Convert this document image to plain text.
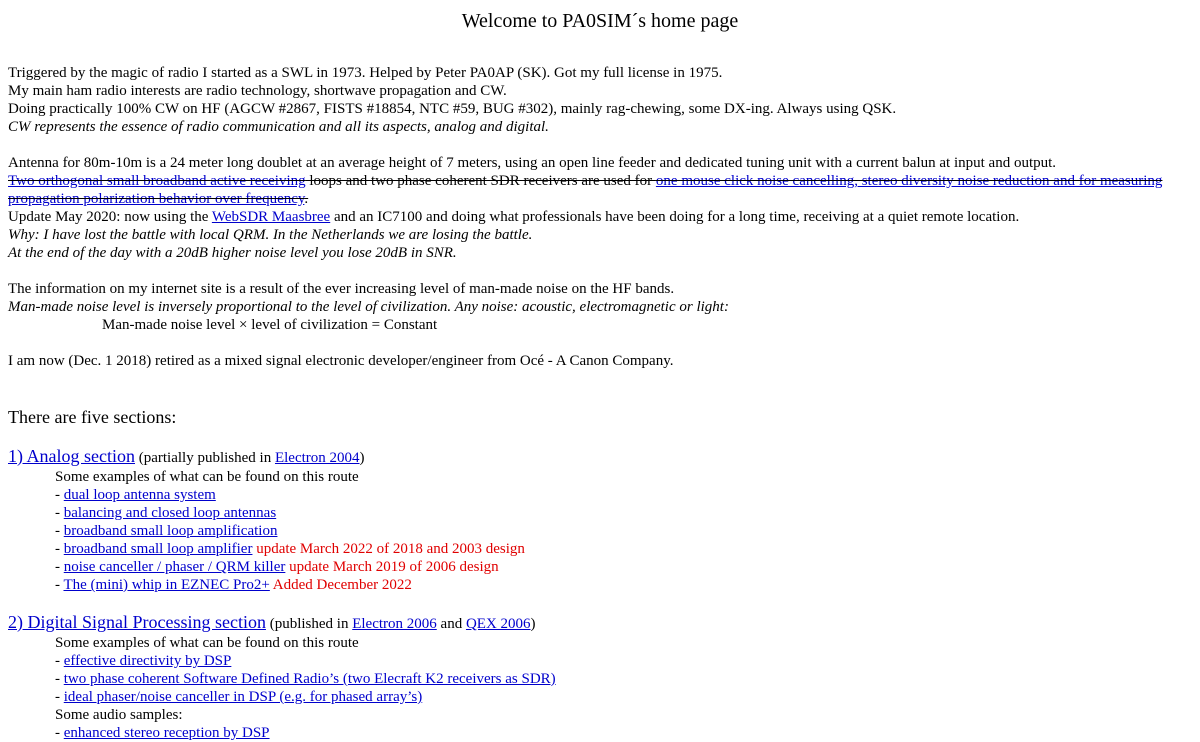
Welcome to PA0SIM´s home page
Triggered by the magic of radio I started as a SWL in 1973. Helped by Peter PA0AP (SK). Got my full license in 1975.
My main ham radio interests are radio technology, shortwave propagation and CW.
Doing practically 100% CW on HF (AGCW #2867, FISTS #18854, NTC #59, BUG #302), mainly rag-chewing, some DX-ing. Always using QSK.
CW represents the essence of radio communication and all its aspects, analog and digital.
Antenna for 80m-10m is a 24 meter long doublet at an average height of 7 meters, using an open line feeder and dedicated tuning unit with a current balun at input and output.
Two orthogonal small broadband active receiving loops and two phase coherent SDR receivers are used for one mouse click noise cancelling, stereo diversity noise reduction and for measuring propagation polarization behavior over frequency.
Update May 2020: now using the WebSDR Maasbree and an IC7100 and doing what professionals have been doing for a long time, receiving at a quiet remote location.
Why: I have lost the battle with local QRM. In the Netherlands we are losing the battle.
At the end of the day with a 20dB higher noise level you lose 20dB in SNR.
The information on my internet site is a result of the ever increasing level of man-made noise on the HF bands.
Man-made noise level is inversely proportional to the level of civilization. Any noise: acoustic, electromagnetic or light:
Man-made noise level × level of civilization = Constant
I am now (Dec. 1 2018) retired as a mixed signal electronic developer/engineer from Océ - A Canon Company.
There are five sections:
1) Analog section (partially published in Electron 2004)
Some examples of what can be found on this route
- dual loop antenna system
- balancing and closed loop antennas
- broadband small loop amplification
- broadband small loop amplifier update March 2022 of 2018 and 2003 design
- noise canceller / phaser / QRM killer update March 2019 of 2006 design
- The (mini) whip in EZNEC Pro2+ Added December 2022
2) Digital Signal Processing section (published in Electron 2006 and QEX 2006)
Some examples of what can be found on this route
- effective directivity by DSP
- two phase coherent Software Defined Radio’s (two Elecraft K2 receivers as SDR)
- ideal phaser/noise canceller in DSP (e.g. for phased array’s)
Some audio samples:
- enhanced stereo reception by DSP
